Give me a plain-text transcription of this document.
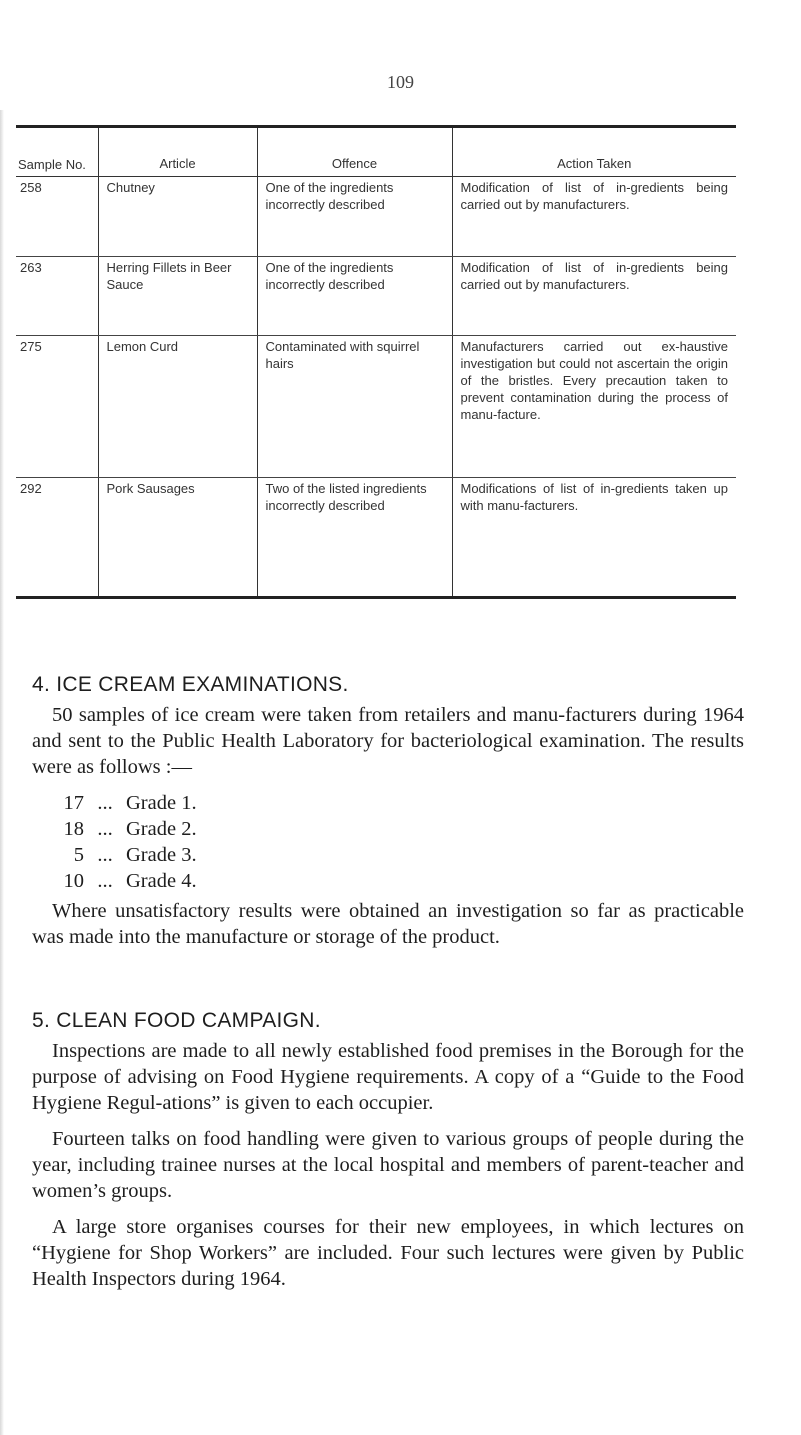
109
Sample No.	Article	Offence	Action Taken
258	Chutney	One of the ingredients incorrectly described	Modification of list of in-gredients being carried out by manufacturers.
263	Herring Fillets in Beer Sauce	One of the ingredients incorrectly described	Modification of list of in-gredients being carried out by manufacturers.
275	Lemon Curd	Contaminated with squirrel hairs	Manufacturers carried out ex-haustive investigation but could not ascertain the origin of the bristles. Every precaution taken to prevent contamination during the process of manu-facture.
292	Pork Sausages	Two of the listed ingredients incorrectly described	Modifications of list of in-gredients taken up with manu-facturers.
4. ICE CREAM EXAMINATIONS.

50 samples of ice cream were taken from retailers and manu-facturers during 1964 and sent to the Public Health Laboratory for bacteriological examination. The results were as follows :—

17 ... Grade 1.
18 ... Grade 2.
5 ... Grade 3.
10 ... Grade 4.

Where unsatisfactory results were obtained an investigation so far as practicable was made into the manufacture or storage of the product.

5. CLEAN FOOD CAMPAIGN.

Inspections are made to all newly established food premises in the Borough for the purpose of advising on Food Hygiene requirements. A copy of a “Guide to the Food Hygiene Regul-ations” is given to each occupier.

Fourteen talks on food handling were given to various groups of people during the year, including trainee nurses at the local hospital and members of parent-teacher and women’s groups.

A large store organises courses for their new employees, in which lectures on “Hygiene for Shop Workers” are included. Four such lectures were given by Public Health Inspectors during 1964.
